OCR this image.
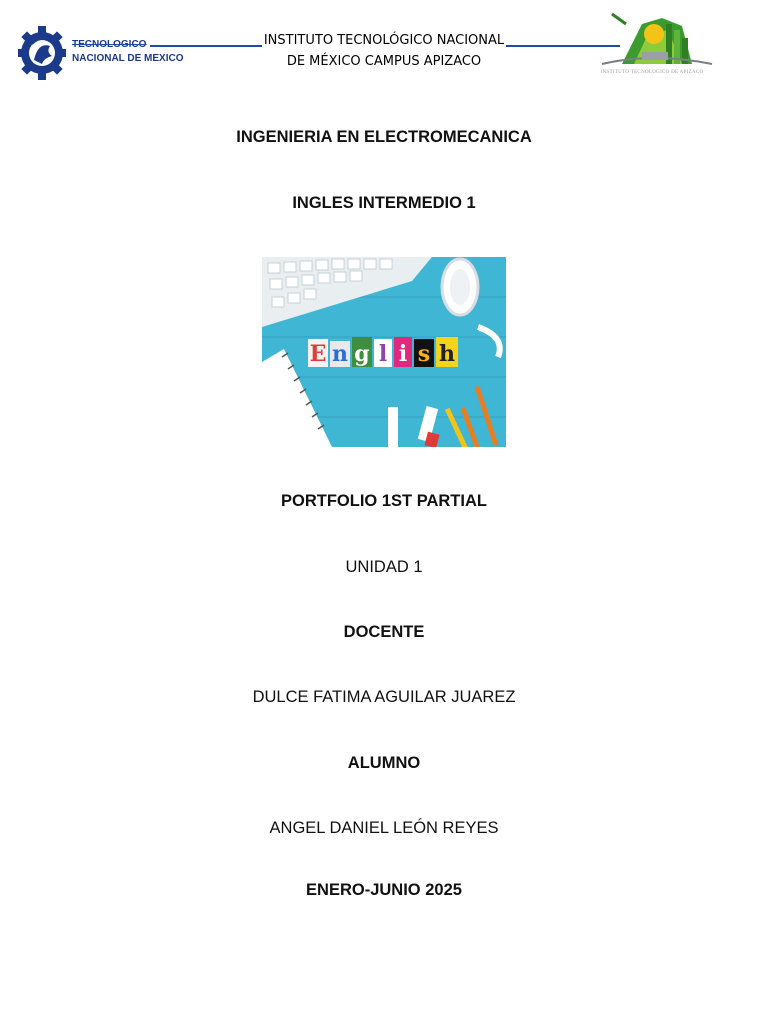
TECNOLOGICO
NACIONAL DE MEXICO
INSTITUTO TECNOLÓGICO NACIONAL
DE MÉXICO CAMPUS APIZACO
INSTITUTO TECNOLOGICO DE APIZACO
INGENIERIA EN ELECTROMECANICA
INGLES INTERMEDIO 1
E n g l i s h
PORTFOLIO 1ST PARTIAL
UNIDAD 1
DOCENTE
DULCE FATIMA AGUILAR JUAREZ
ALUMNO
ANGEL DANIEL LEÓN REYES
ENERO-JUNIO 2025
